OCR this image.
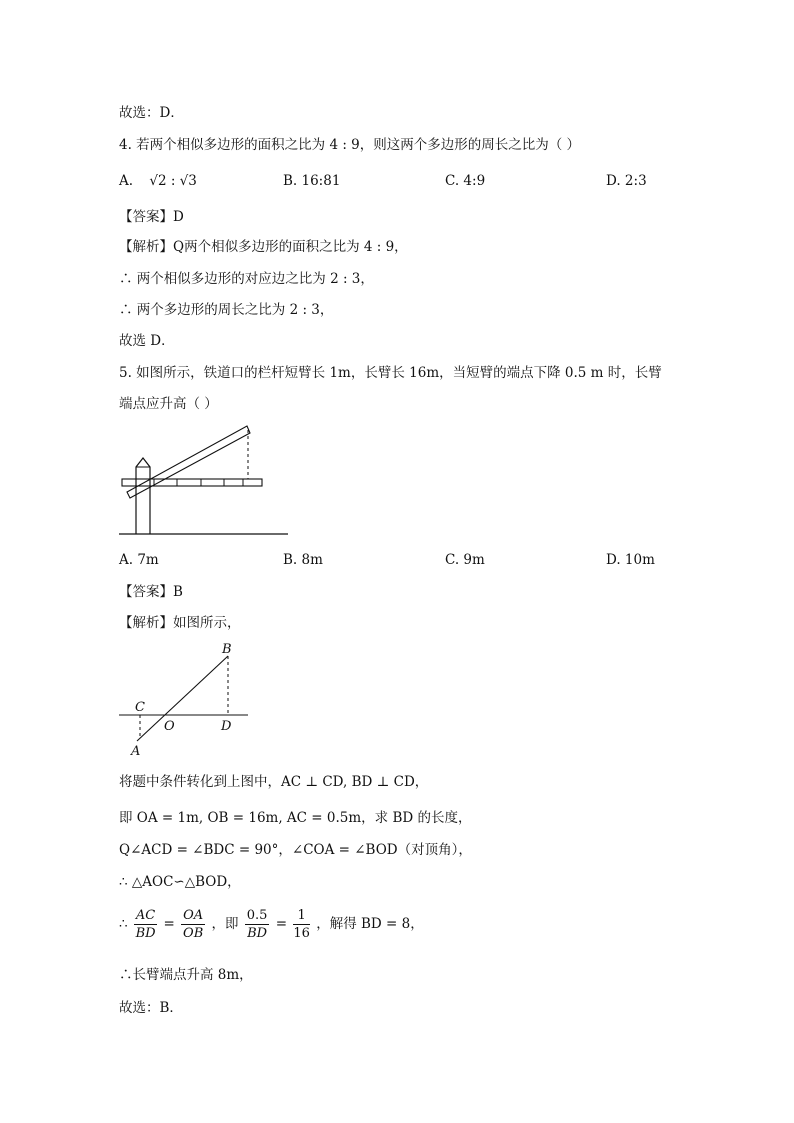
故选：D．
4. 若两个相似多边形的面积之比为 4 : 9，则这两个多边形的周长之比为（ ）
A. √2 : √3	B. 16:81	C. 4:9	D. 2:3
【答案】D
【解析】Q两个相似多边形的面积之比为 4 : 9，
∴ 两个相似多边形的对应边之比为 2 : 3，
∴ 两个多边形的周长之比为 2 : 3，
故选 D．
5. 如图所示，铁道口的栏杆短臂长 1m，长臂长 16m，当短臂的端点下降 0.5 m 时，长臂
端点应升高（ ）
A. 7m	B. 8m	C. 9m	D. 10m
【答案】B
【解析】如图所示，
B
C
O	D
A
将题中条件转化到上图中，AC ⊥ CD, BD ⊥ CD，
即 OA = 1m, OB = 16m, AC = 0.5m，求 BD 的长度，
Q∠ACD = ∠BDC = 90°，∠COA = ∠BOD（对顶角），
∴ △AOC∽△BOD，
∴ $\frac{AC}{BD} = \frac{OA}{OB}$ ，即 $\frac{0.5}{BD} = \frac{1}{16}$ ，解得 BD = 8，
∴长臂端点升高 8m，
故选：B．
